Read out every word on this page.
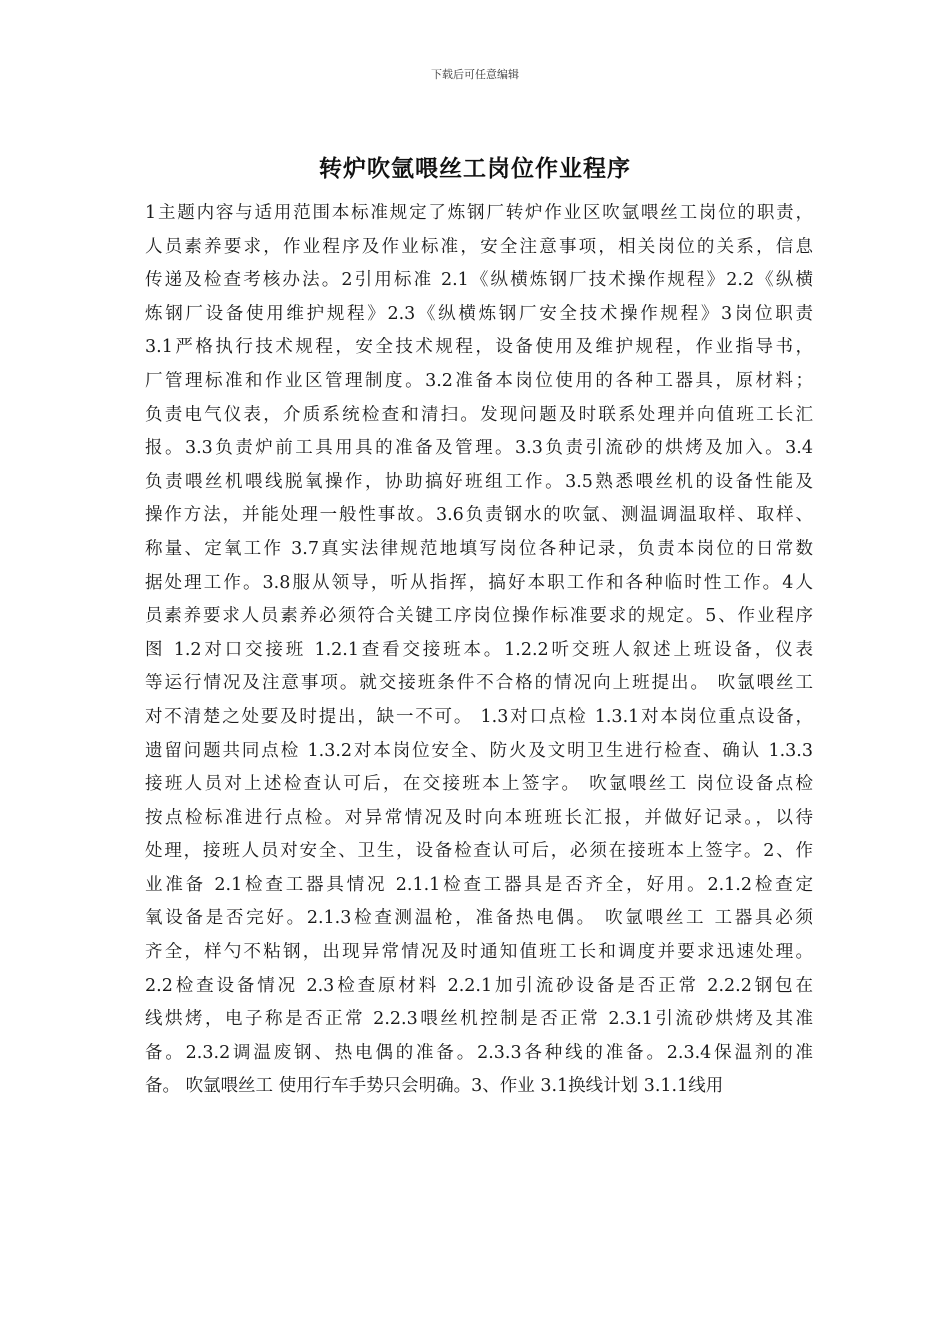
下载后可任意编辑
转炉吹氩喂丝工岗位作业程序
1主题内容与适用范围本标准规定了炼钢厂转炉作业区吹氩喂丝工岗位的职责，
人员素养要求，作业程序及作业标准，安全注意事项，相关岗位的关系，信息
传递及检查考核办法。2引用标准 2.1《纵横炼钢厂技术操作规程》2.2《纵横
炼钢厂设备使用维护规程》2.3《纵横炼钢厂安全技术操作规程》3岗位职责
3.1严格执行技术规程，安全技术规程，设备使用及维护规程，作业指导书，
厂管理标准和作业区管理制度。3.2准备本岗位使用的各种工器具，原材料；
负责电气仪表，介质系统检查和清扫。发现问题及时联系处理并向值班工长汇
报。3.3负责炉前工具用具的准备及管理。3.3负责引流砂的烘烤及加入。3.4
负责喂丝机喂线脱氧操作，协助搞好班组工作。3.5熟悉喂丝机的设备性能及
操作方法，并能处理一般性事故。3.6负责钢水的吹氩、测温调温取样、取样、
称量、定氧工作 3.7真实法律规范地填写岗位各种记录，负责本岗位的日常数
据处理工作。3.8服从领导，听从指挥，搞好本职工作和各种临时性工作。4人
员素养要求人员素养必须符合关键工序岗位操作标准要求的规定。5、作业程序
图 1.2对口交接班 1.2.1查看交接班本。1.2.2听交班人叙述上班设备，仪表
等运行情况及注意事项。就交接班条件不合格的情况向上班提出。 吹氩喂丝工
对不清楚之处要及时提出，缺一不可。 1.3对口点检 1.3.1对本岗位重点设备，
遗留问题共同点检 1.3.2对本岗位安全、防火及文明卫生进行检查、确认 1.3.3
接班人员对上述检查认可后，在交接班本上签字。 吹氩喂丝工 岗位设备点检
按点检标准进行点检。对异常情况及时向本班班长汇报，并做好记录。，以待
处理，接班人员对安全、卫生，设备检查认可后，必须在接班本上签字。2、作
业准备 2.1检查工器具情况 2.1.1检查工器具是否齐全，好用。2.1.2检查定
氧设备是否完好。2.1.3检查测温枪，准备热电偶。 吹氩喂丝工 工器具必须
齐全，样勺不粘钢，出现异常情况及时通知值班工长和调度并要求迅速处理。
2.2检查设备情况 2.3检查原材料 2.2.1加引流砂设备是否正常 2.2.2钢包在
线烘烤，电子称是否正常 2.2.3喂丝机控制是否正常 2.3.1引流砂烘烤及其准
备。2.3.2调温废钢、热电偶的准备。2.3.3各种线的准备。2.3.4保温剂的准
备。 吹氩喂丝工 使用行车手势只会明确。3、作业 3.1换线计划 3.1.1线用
